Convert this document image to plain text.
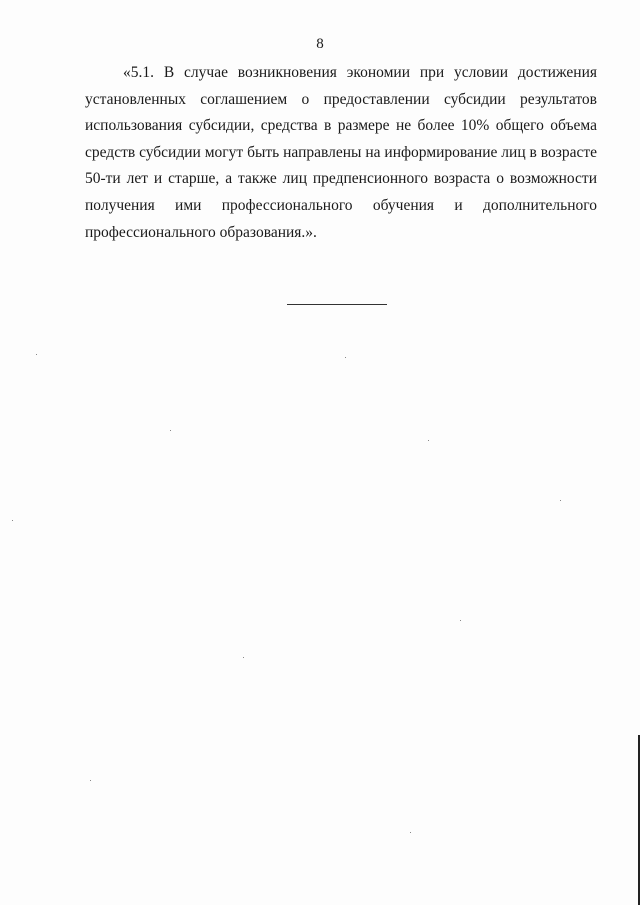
8
«5.1. В случае возникновения экономии при условии достижения
установленных соглашением о предоставлении субсидии результатов
использования субсидии, средства в размере не более 10% общего объема
средств субсидии могут быть направлены на информирование лиц в возрасте
50-ти лет и старше, а также лиц предпенсионного возраста о возможности
получения ими профессионального обучения и дополнительного
профессионального образования.».
